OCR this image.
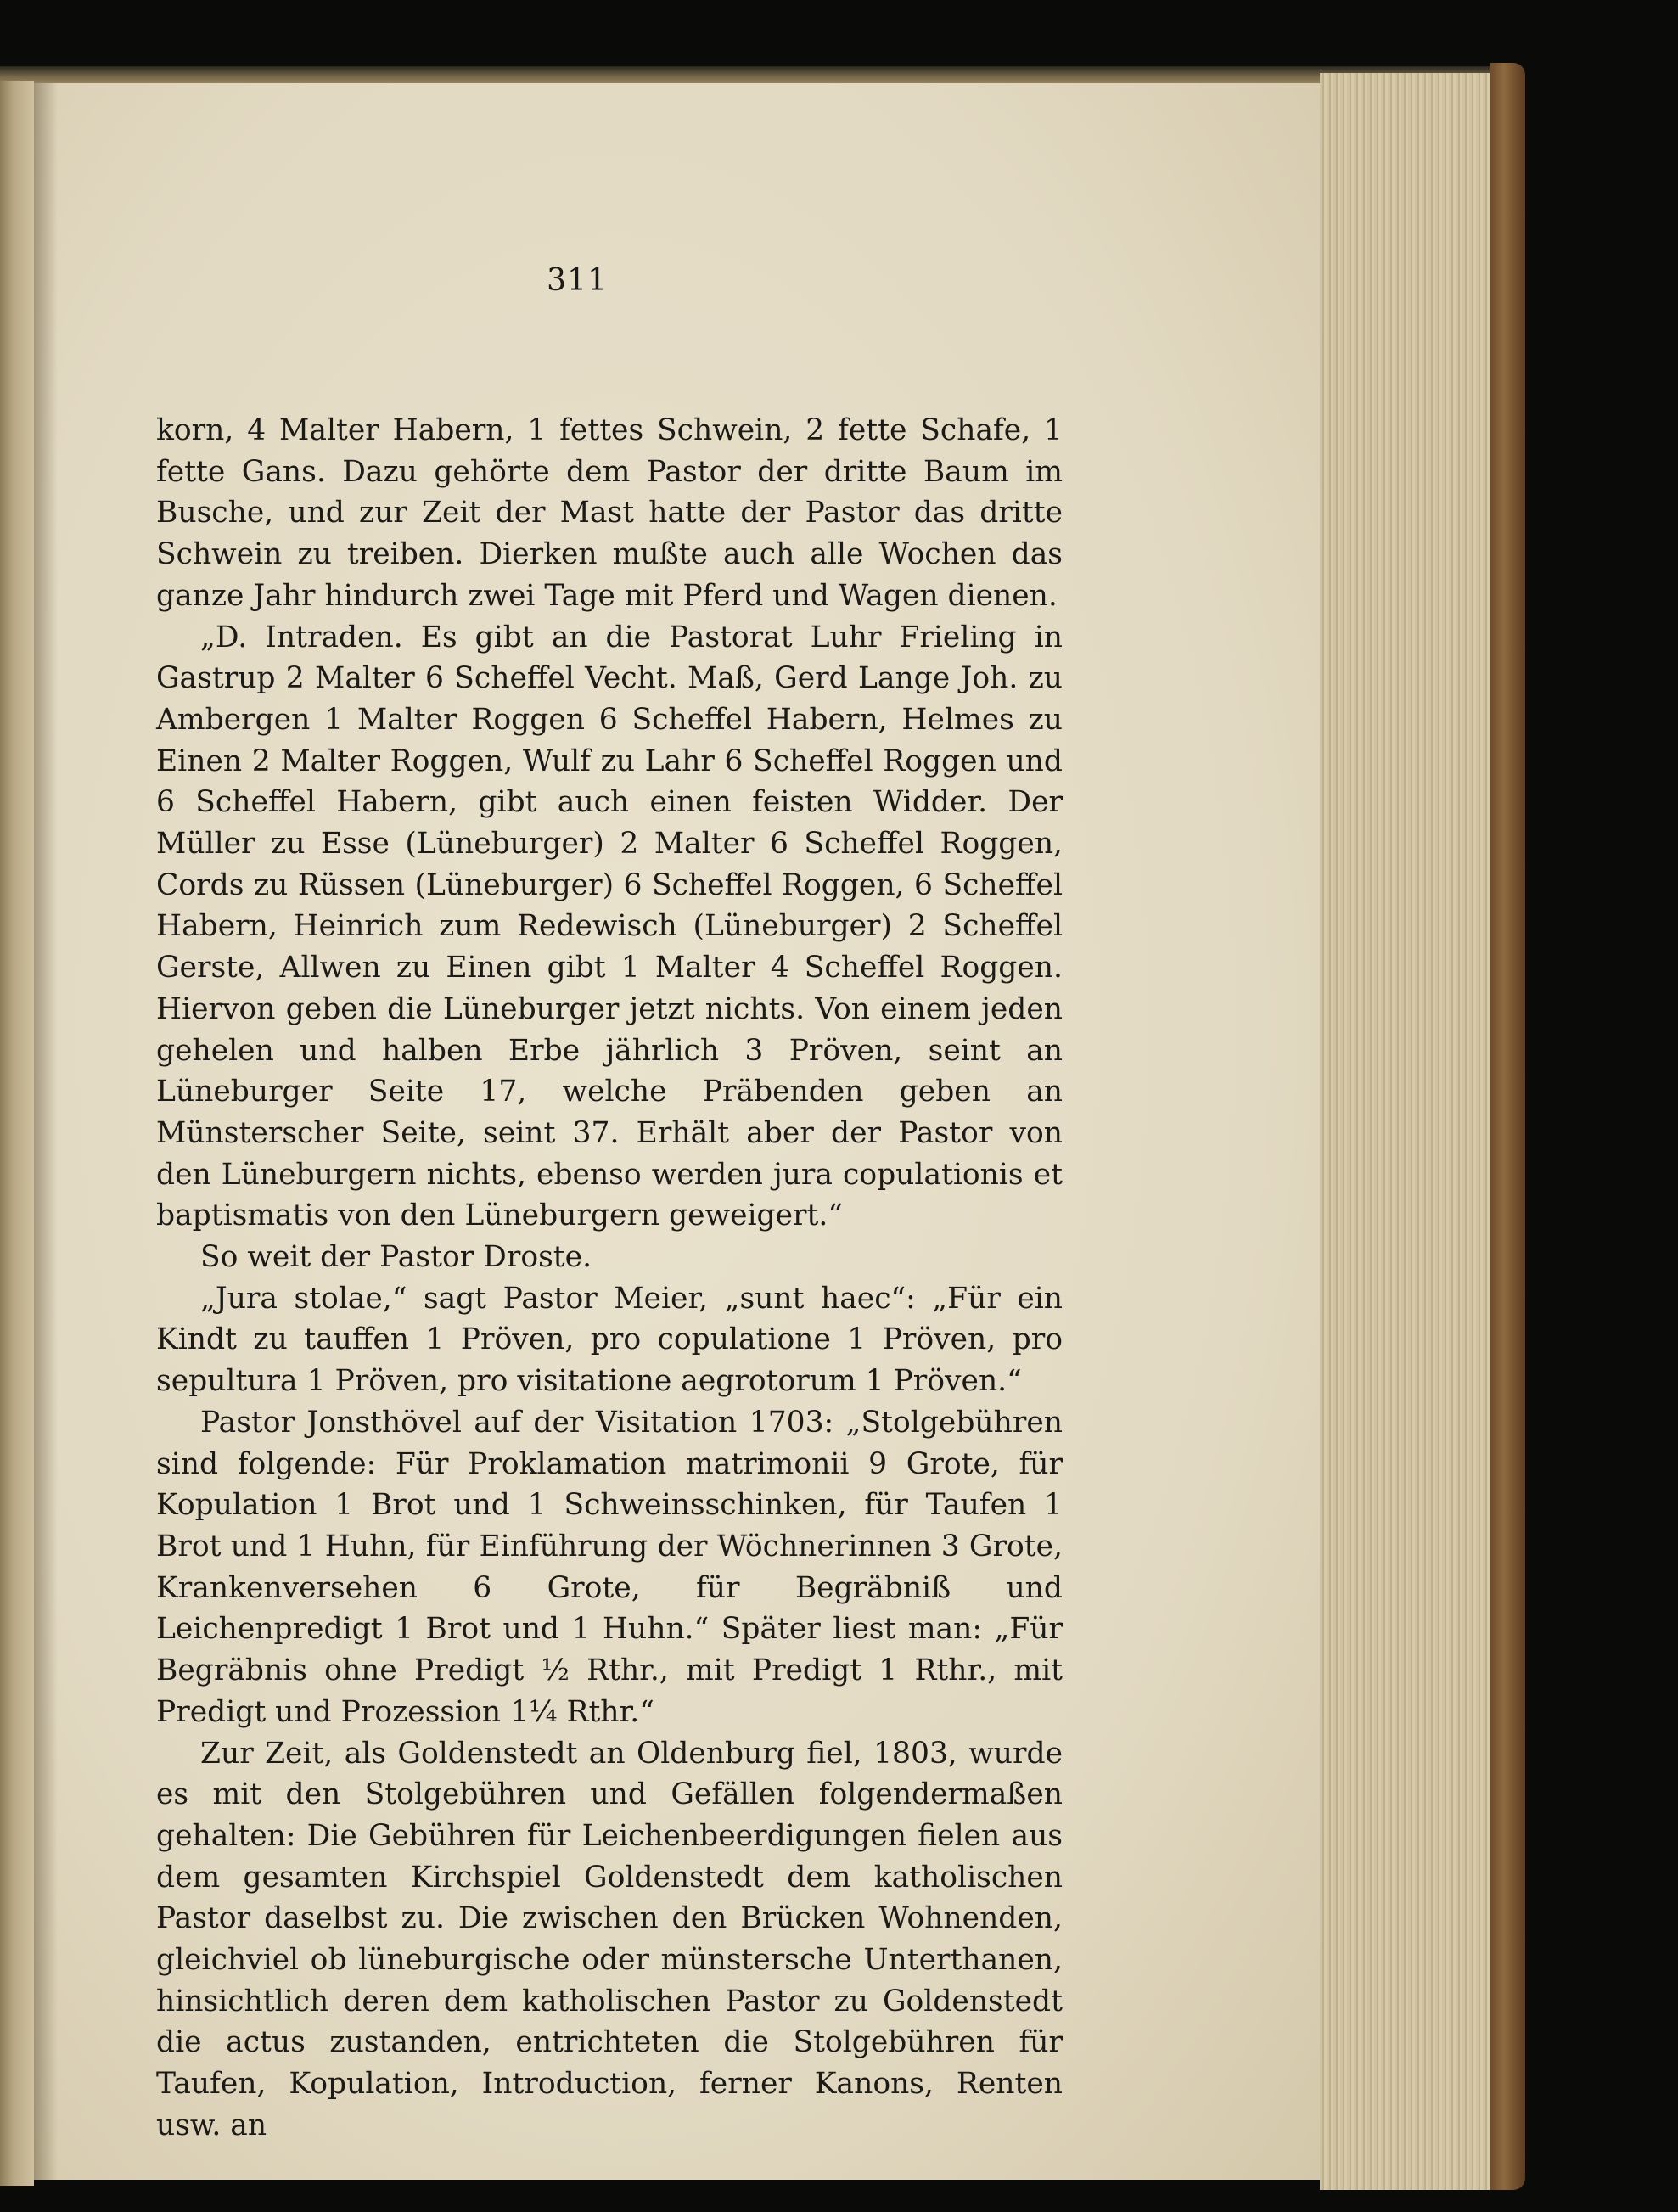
311

korn, 4 Malter Habern, 1 fettes Schwein, 2 fette Schafe, 1 fette Gans. Dazu gehörte dem Pastor der dritte Baum im Busche, und zur Zeit der Mast hatte der Pastor das dritte Schwein zu treiben. Dierken mußte auch alle Wochen das ganze Jahr hindurch zwei Tage mit Pferd und Wagen dienen.

„D. Intraden. Es gibt an die Pastorat Luhr Frieling in Gastrup 2 Malter 6 Scheffel Vecht. Maß, Gerd Lange Joh. zu Ambergen 1 Malter Roggen 6 Scheffel Habern, Helmes zu Einen 2 Malter Roggen, Wulf zu Lahr 6 Scheffel Roggen und 6 Scheffel Habern, gibt auch einen feisten Widder. Der Müller zu Esse (Lüneburger) 2 Malter 6 Scheffel Roggen, Cords zu Rüssen (Lüneburger) 6 Scheffel Roggen, 6 Scheffel Habern, Heinrich zum Redewisch (Lüneburger) 2 Scheffel Gerste, Allwen zu Einen gibt 1 Malter 4 Scheffel Roggen. Hiervon geben die Lüneburger jetzt nichts. Von einem jeden gehelen und halben Erbe jährlich 3 Pröven, seint an Lüneburger Seite 17, welche Präbenden geben an Münsterscher Seite, seint 37. Erhält aber der Pastor von den Lüneburgern nichts, ebenso werden jura copulationis et baptismatis von den Lüneburgern geweigert.“

So weit der Pastor Droste.

„Jura stolae,“ sagt Pastor Meier, „sunt haec“: „Für ein Kindt zu tauffen 1 Pröven, pro copulatione 1 Pröven, pro sepultura 1 Pröven, pro visitatione aegrotorum 1 Pröven.“

Pastor Jonsthövel auf der Visitation 1703: „Stolgebühren sind folgende: Für Proklamation matrimonii 9 Grote, für Kopulation 1 Brot und 1 Schweinsschinken, für Taufen 1 Brot und 1 Huhn, für Einführung der Wöchnerinnen 3 Grote, Krankenversehen 6 Grote, für Begräbniß und Leichenpredigt 1 Brot und 1 Huhn.“ Später liest man: „Für Begräbnis ohne Predigt ½ Rthr., mit Predigt 1 Rthr., mit Predigt und Prozession 1¼ Rthr.“

Zur Zeit, als Goldenstedt an Oldenburg fiel, 1803, wurde es mit den Stolgebühren und Gefällen folgendermaßen gehalten: Die Gebühren für Leichenbeerdigungen fielen aus dem gesamten Kirchspiel Goldenstedt dem katholischen Pastor daselbst zu. Die zwischen den Brücken Wohnenden, gleichviel ob lüneburgische oder münstersche Unterthanen, hinsichtlich deren dem katholischen Pastor zu Goldenstedt die actus zustanden, entrichteten die Stolgebühren für Taufen, Kopulation, Introduction, ferner Kanons, Renten usw. an
